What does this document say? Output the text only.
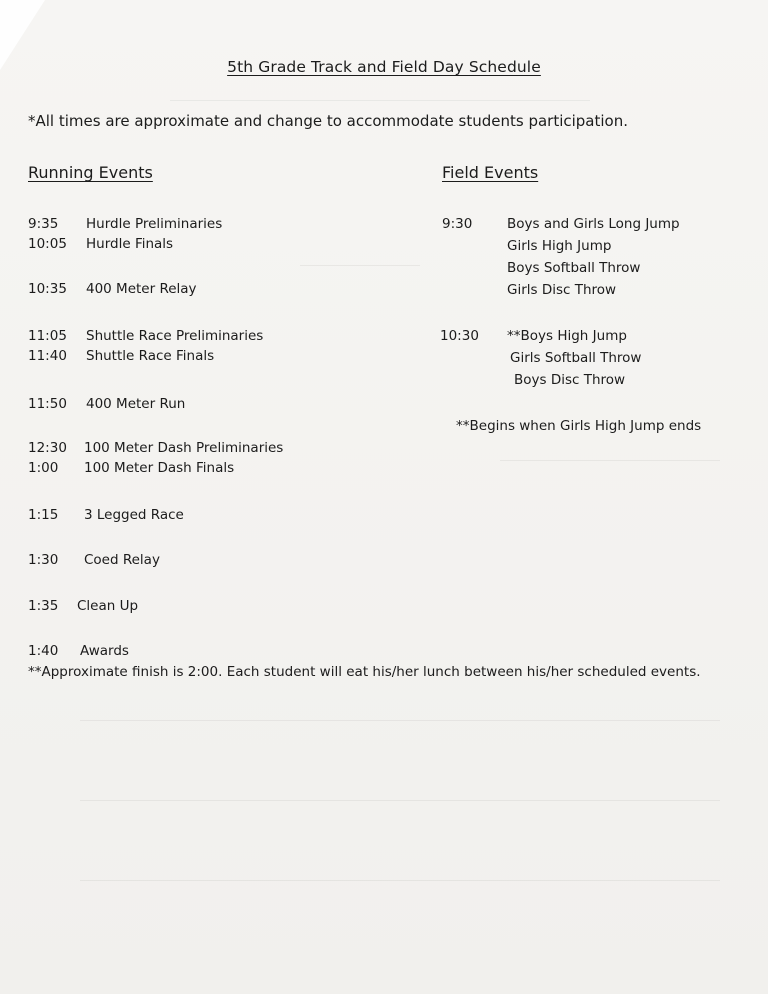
5th Grade Track and Field Day Schedule
*All times are approximate and change to accommodate students participation.
Running Events
9:35 Hurdle Preliminaries
10:05 Hurdle Finals
10:35 400 Meter Relay
11:05 Shuttle Race Preliminaries
11:40 Shuttle Race Finals
11:50 400 Meter Run
12:30 100 Meter Dash Preliminaries
1:00 100 Meter Dash Finals
1:15 3 Legged Race
1:30 Coed Relay
1:35 Clean Up
1:40 Awards
Field Events
9:30	Boys and Girls Long Jump
Girls High Jump
Boys Softball Throw
Girls Disc Throw
10:30 **Boys High Jump
Girls Softball Throw
Boys Disc Throw
**Begins when Girls High Jump ends
**Approximate finish is 2:00. Each student will eat his/her lunch between his/her scheduled events.
